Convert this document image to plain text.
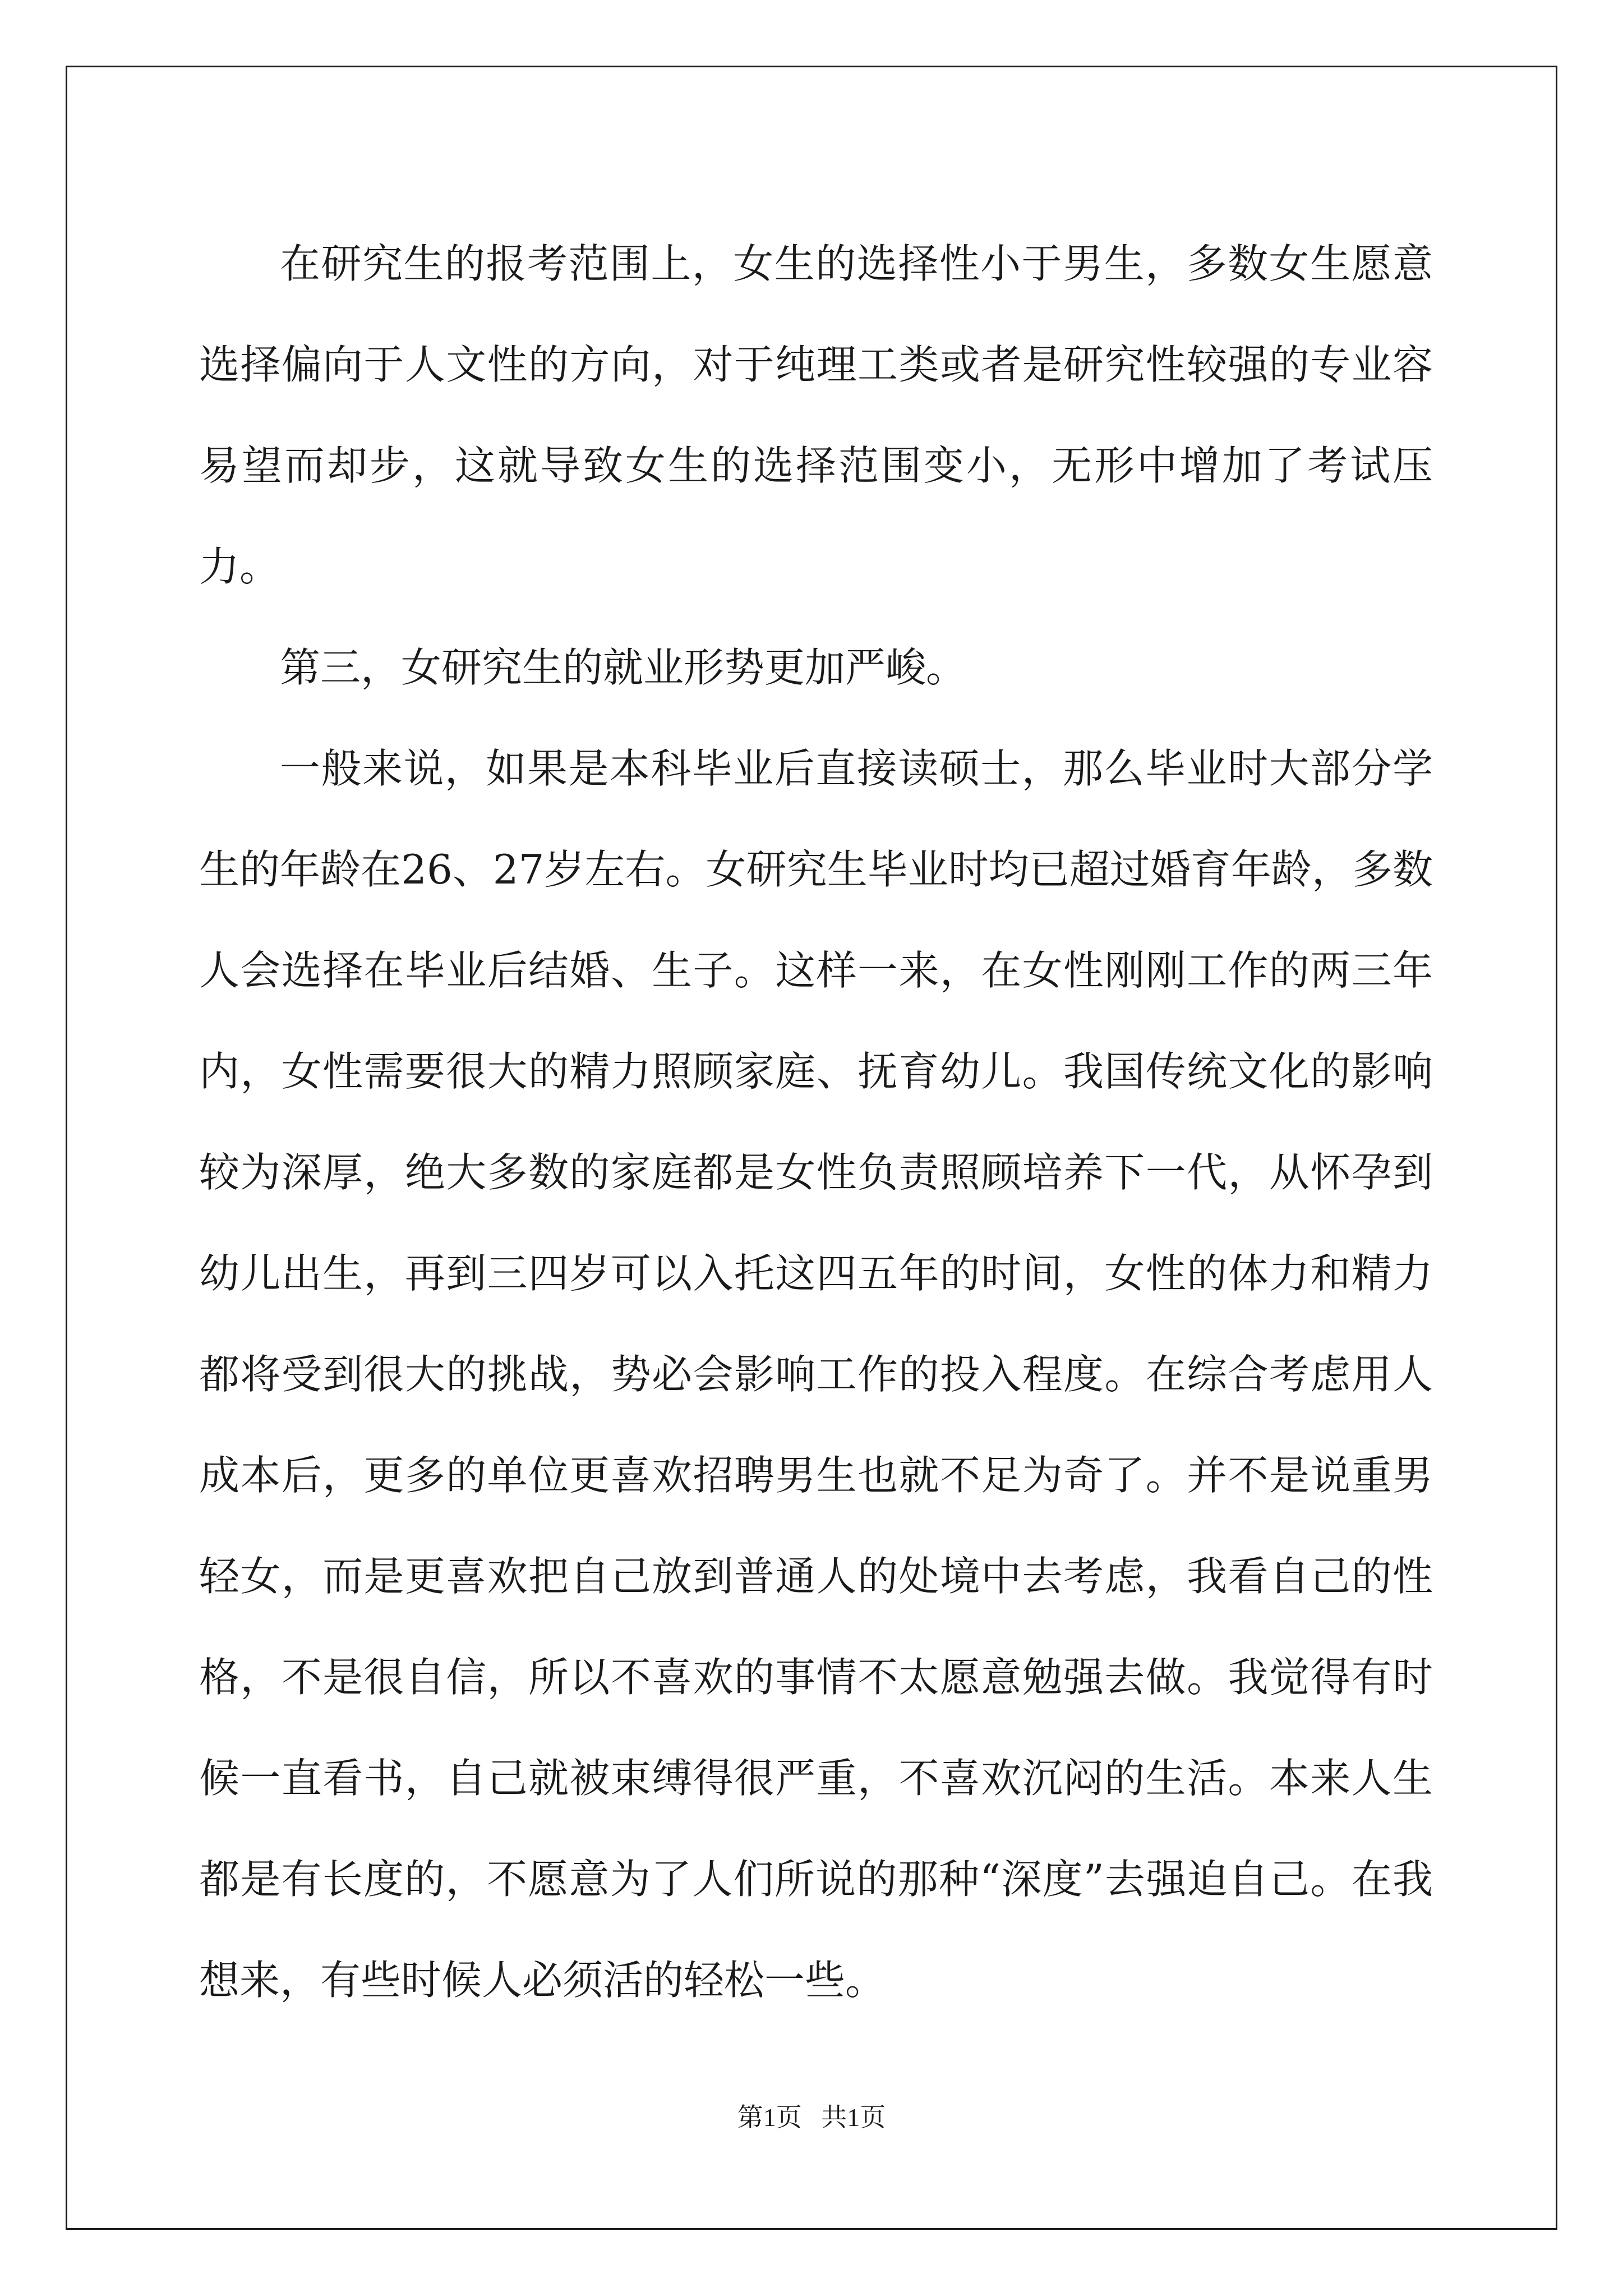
在研究生的报考范围上，女生的选择性小于男生，多数女生愿意选择偏向于人文性的方向，对于纯理工类或者是研究性较强的专业容易望而却步，这就导致女生的选择范围变小，无形中增加了考试压力。

第三，女研究生的就业形势更加严峻。

一般来说，如果是本科毕业后直接读硕士，那么毕业时大部分学生的年龄在26、27岁左右。女研究生毕业时均已超过婚育年龄，多数人会选择在毕业后结婚、生子。这样一来，在女性刚刚工作的两三年内，女性需要很大的精力照顾家庭、抚育幼儿。我国传统文化的影响较为深厚，绝大多数的家庭都是女性负责照顾培养下一代，从怀孕到幼儿出生，再到三四岁可以入托这四五年的时间，女性的体力和精力都将受到很大的挑战，势必会影响工作的投入程度。在综合考虑用人成本后，更多的单位更喜欢招聘男生也就不足为奇了。并不是说重男轻女，而是更喜欢把自己放到普通人的处境中去考虑，我看自己的性格，不是很自信，所以不喜欢的事情不太愿意勉强去做。我觉得有时候一直看书，自己就被束缚得很严重，不喜欢沉闷的生活。本来人生都是有长度的，不愿意为了人们所说的那种“深度”去强迫自己。在我想来，有些时候人必须活的轻松一些。

第1页   共1页
